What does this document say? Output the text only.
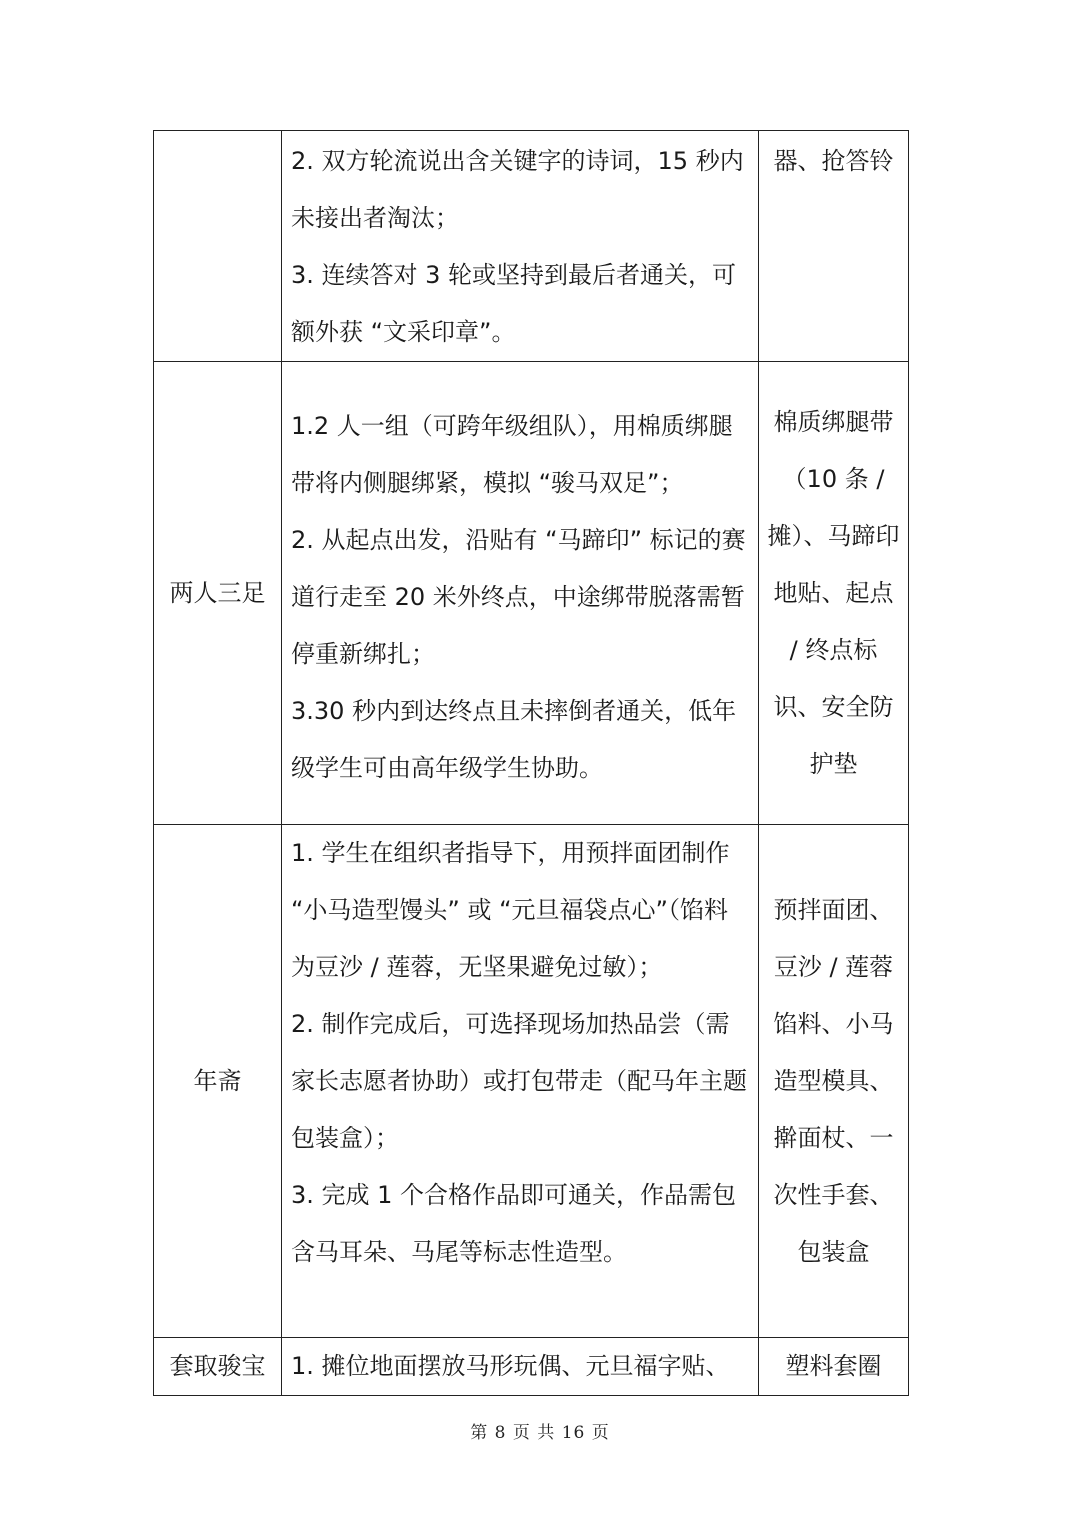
	2. 双方轮流说出含关键字的诗词，15 秒内未接出者淘汰；
3. 连续答对 3 轮或坚持到最后者通关，可额外获 “文采印章”。	器、抢答铃
两人三足	1.2 人一组（可跨年级组队），用棉质绑腿带将内侧腿绑紧，模拟 “骏马双足”；
2. 从起点出发，沿贴有 “马蹄印” 标记的赛道行走至 20 米外终点，中途绑带脱落需暂停重新绑扎；
3.30 秒内到达终点且未摔倒者通关，低年级学生可由高年级学生协助。	棉质绑腿带（10 条 / 摊）、马蹄印地贴、起点 / 终点标识、安全防护垫
年斋	1. 学生在组织者指导下，用预拌面团制作 “小马造型馒头” 或 “元旦福袋点心”（馅料为豆沙 / 莲蓉，无坚果避免过敏）；
2. 制作完成后，可选择现场加热品尝（需家长志愿者协助）或打包带走（配马年主题包装盒）；
3. 完成 1 个合格作品即可通关，作品需包含马耳朵、马尾等标志性造型。	预拌面团、豆沙 / 莲蓉馅料、小马造型模具、擀面杖、一次性手套、包装盒
套取骏宝	1. 摊位地面摆放马形玩偶、元旦福字贴、	塑料套圈
第 8 页 共 16 页
